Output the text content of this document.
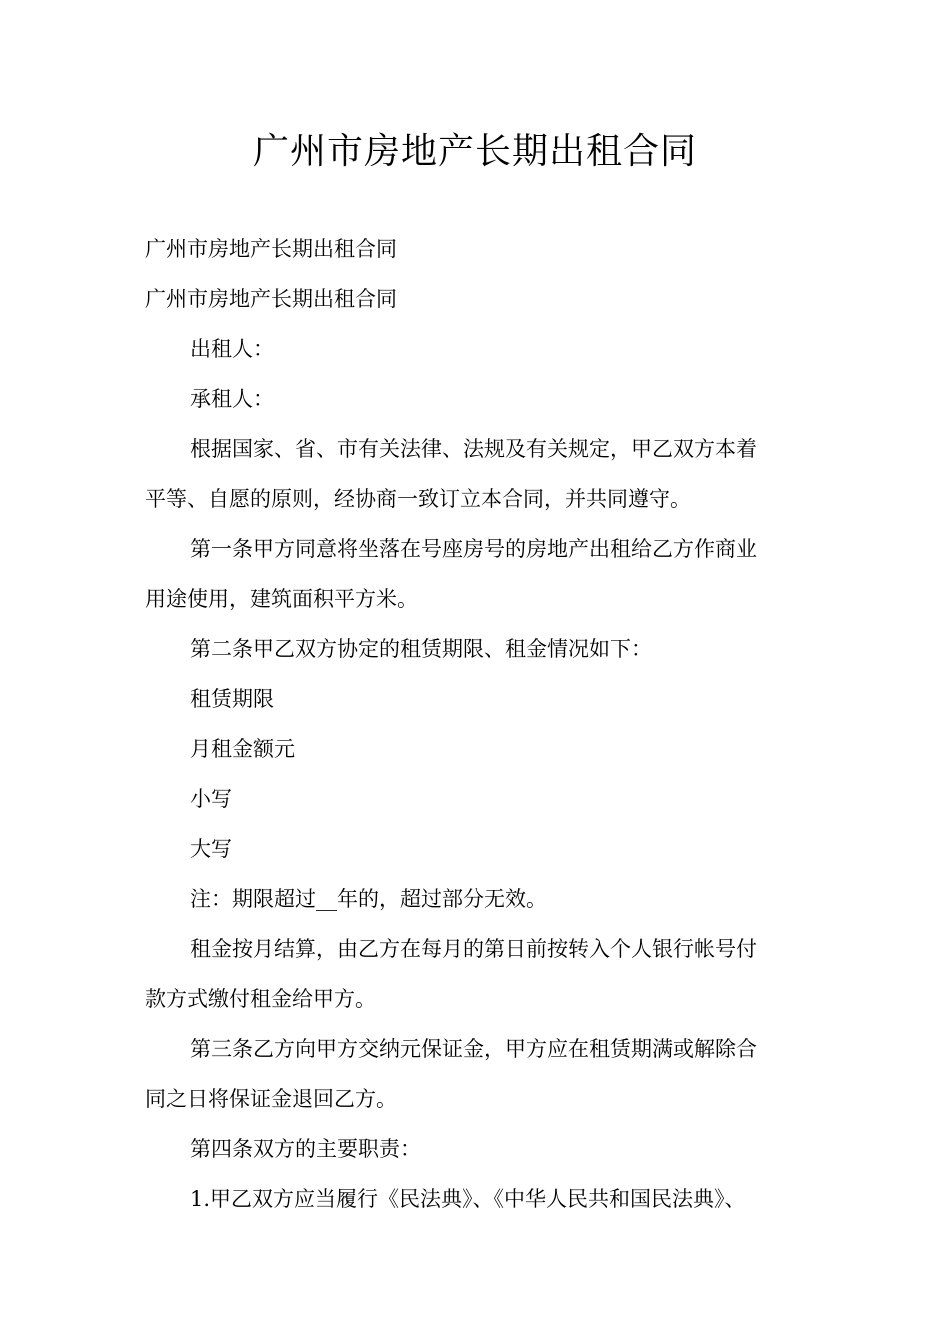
广州市房地产长期出租合同
广州市房地产长期出租合同
广州市房地产长期出租合同
出租人：
承租人：
根据国家、省、市有关法律、法规及有关规定，甲乙双方本着
平等、自愿的原则，经协商一致订立本合同，并共同遵守。
第一条甲方同意将坐落在号座房号的房地产出租给乙方作商业
用途使用，建筑面积平方米。
第二条甲乙双方协定的租赁期限、租金情况如下：
租赁期限
月租金额元
小写
大写
注：期限超过__年的，超过部分无效。
租金按月结算，由乙方在每月的第日前按转入个人银行帐号付
款方式缴付租金给甲方。
第三条乙方向甲方交纳元保证金，甲方应在租赁期满或解除合
同之日将保证金退回乙方。
第四条双方的主要职责：
1.甲乙双方应当履行《民法典》、《中华人民共和国民法典》、
